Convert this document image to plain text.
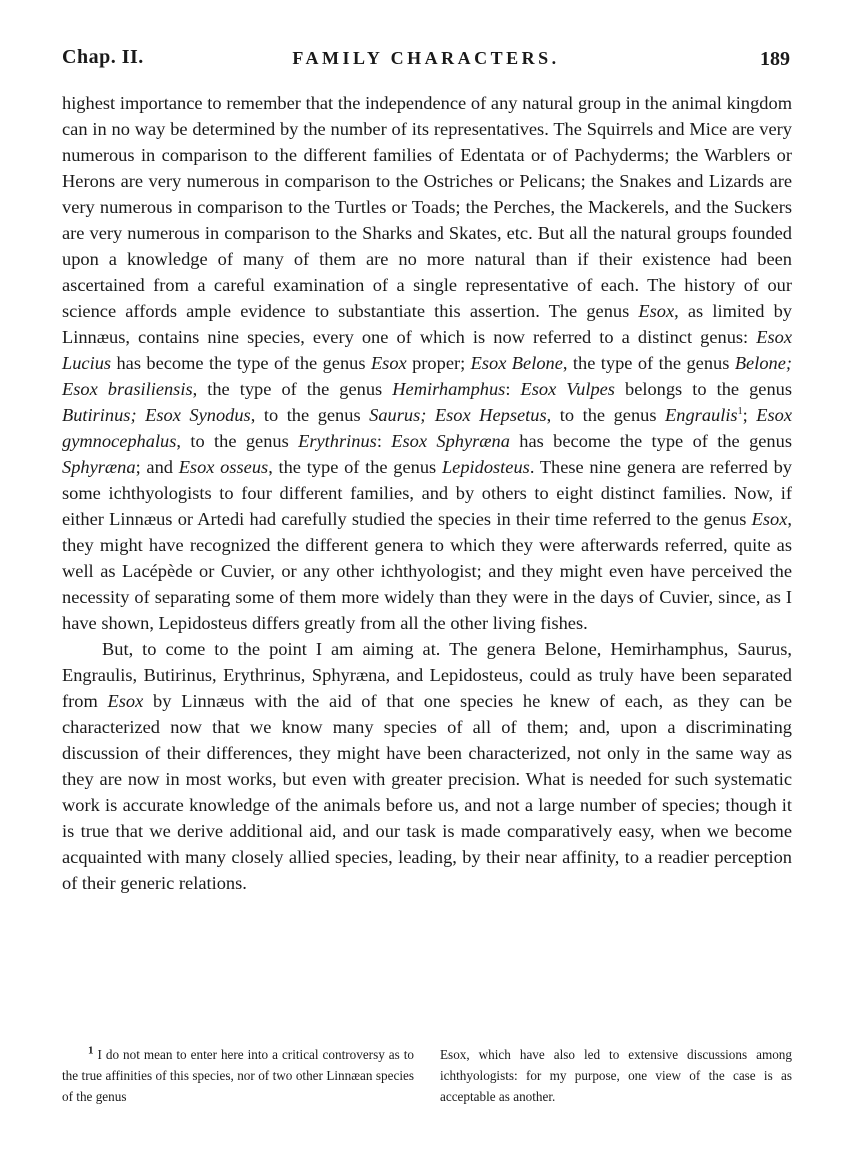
Chap. II.	FAMILY CHARACTERS.	189

highest importance to remember that the independence of any natural group in the animal kingdom can in no way be determined by the number of its representatives. The Squirrels and Mice are very numerous in comparison to the different families of Edentata or of Pachyderms; the Warblers or Herons are very numerous in comparison to the Ostriches or Pelicans; the Snakes and Lizards are very numerous in comparison to the Turtles or Toads; the Perches, the Mackerels, and the Suckers are very numerous in comparison to the Sharks and Skates, etc. But all the natural groups founded upon a knowledge of many of them are no more natural than if their existence had been ascertained from a careful examination of a single representative of each. The history of our science affords ample evidence to substantiate this assertion. The genus Esox, as limited by Linnæus, contains nine species, every one of which is now referred to a distinct genus: Esox Lucius has become the type of the genus Esox proper; Esox Belone, the type of the genus Belone; Esox brasiliensis, the type of the genus Hemirhamphus: Esox Vulpes belongs to the genus Butirinus; Esox Synodus, to the genus Saurus; Esox Hepsetus, to the genus Engraulis$^1$; Esox gymnocephalus, to the genus Erythrinus: Esox Sphyræna has become the type of the genus Sphyræna; and Esox osseus, the type of the genus Lepidosteus. These nine genera are referred by some ichthyologists to four different families, and by others to eight distinct families. Now, if either Linnæus or Artedi had carefully studied the species in their time referred to the genus Esox, they might have recognized the different genera to which they were afterwards referred, quite as well as Lacépède or Cuvier, or any other ichthyologist; and they might even have perceived the necessity of separating some of them more widely than they were in the days of Cuvier, since, as I have shown, Lepidosteus differs greatly from all the other living fishes.

But, to come to the point I am aiming at. The genera Belone, Hemirhamphus, Saurus, Engraulis, Butirinus, Erythrinus, Sphyræna, and Lepidosteus, could as truly have been separated from Esox by Linnæus with the aid of that one species he knew of each, as they can be characterized now that we know many species of all of them; and, upon a discriminating discussion of their differences, they might have been characterized, not only in the same way as they are now in most works, but even with greater precision. What is needed for such systematic work is accurate knowledge of the animals before us, and not a large number of species; though it is true that we derive additional aid, and our task is made comparatively easy, when we become acquainted with many closely allied species, leading, by their near affinity, to a readier perception of their generic relations.

$^1$ I do not mean to enter here into a critical controversy as to the true affinities of this species, nor of two other Linnæan species of the genus
Esox, which have also led to extensive discussions among ichthyologists: for my purpose, one view of the case is as acceptable as another.
